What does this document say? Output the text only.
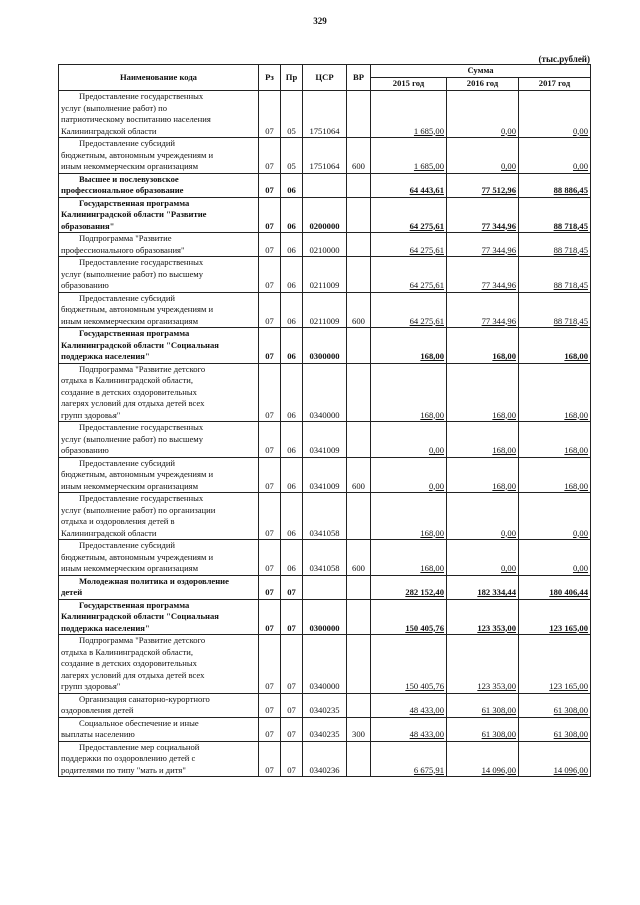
329
(тыс.рублей)
Наименование кода	Рз	Пр	ЦСР	ВР	Сумма		
					2015 год	2016 год	2017 год

Предоставление государственных
услуг (выполнение работ) по
патриотическому воспитанию населения
Калининградской области	07	05	1751064		1 685,00	0,00	0,00

Предоставление субсидий
бюджетным, автономным учреждениям и
иным некоммерческим организациям	07	05	1751064	600	1 685,00	0,00	0,00

Высшее и послевузовское
профессиональное образование	07	06			64 443,61	77 512,96	88 886,45

Государственная программа
Калининградской области "Развитие
образования"	07	06	0200000		64 275,61	77 344,96	88 718,45

Подпрограмма "Развитие
профессионального образования"	07	06	0210000		64 275,61	77 344,96	88 718,45

Предоставление государственных
услуг (выполнение работ) по высшему
образованию	07	06	0211009		64 275,61	77 344,96	88 718,45

Предоставление субсидий
бюджетным, автономным учреждениям и
иным некоммерческим организациям	07	06	0211009	600	64 275,61	77 344,96	88 718,45

Государственная программа
Калининградской области "Социальная
поддержка населения"	07	06	0300000		168,00	168,00	168,00

Подпрограмма "Развитие детского
отдыха в Калининградской области,
создание в детских оздоровительных
лагерях условий для отдыха детей всех
групп здоровья"	07	06	0340000		168,00	168,00	168,00

Предоставление государственных
услуг (выполнение работ) по высшему
образованию	07	06	0341009		0,00	168,00	168,00

Предоставление субсидий
бюджетным, автономным учреждениям и
иным некоммерческим организациям	07	06	0341009	600	0,00	168,00	168,00

Предоставление государственных
услуг (выполнение работ) по организации
отдыха и оздоровления детей в
Калининградской области	07	06	0341058		168,00	0,00	0,00

Предоставление субсидий
бюджетным, автономным учреждениям и
иным некоммерческим организациям	07	06	0341058	600	168,00	0,00	0,00

Молодежная политика и оздоровление
детей	07	07			282 152,40	182 334,44	180 406,44

Государственная программа
Калининградской области "Социальная
поддержка населения"	07	07	0300000		150 405,76	123 353,00	123 165,00

Подпрограмма "Развитие детского
отдыха в Калининградской области,
создание в детских оздоровительных
лагерях условий для отдыха детей всех
групп здоровья"	07	07	0340000		150 405,76	123 353,00	123 165,00

Организация санаторно-курортного
оздоровления детей	07	07	0340235		48 433,00	61 308,00	61 308,00

Социальное обеспечение и иные
выплаты населению	07	07	0340235	300	48 433,00	61 308,00	61 308,00

Предоставление мер социальной
поддержки по оздоровлению детей с
родителями по типу "мать и дитя"	07	07	0340236		6 675,91	14 096,00	14 096,00
